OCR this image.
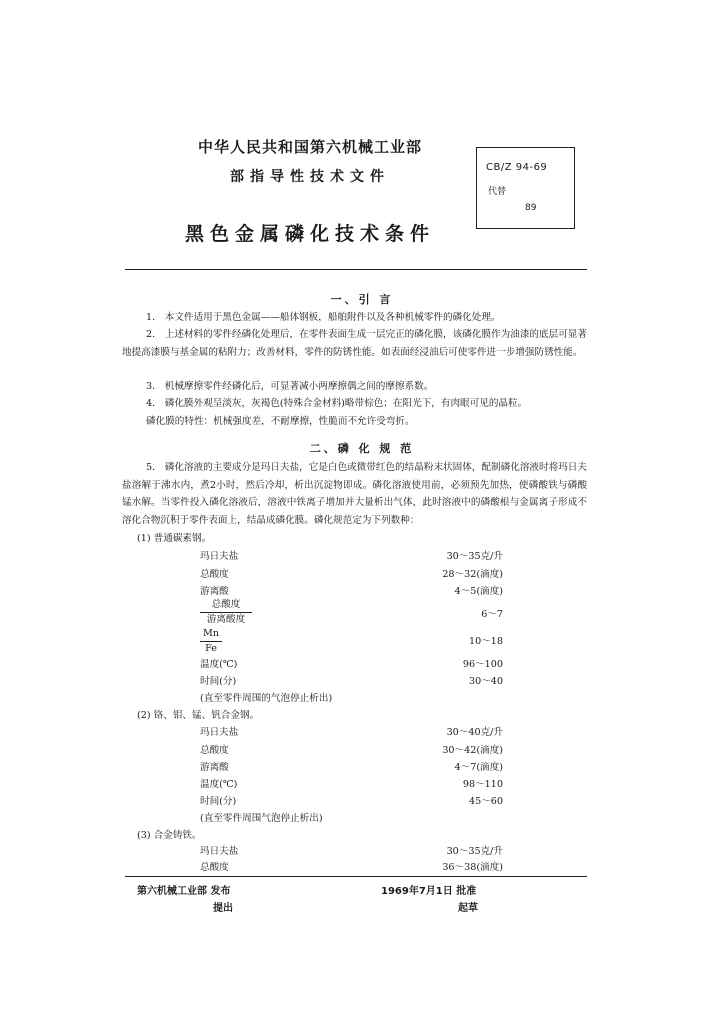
中华人民共和国第六机械工业部
部指导性技术文件
黑色金属磷化技术条件
CB/Z 94-69
代替
89
一、引 言
1． 本文件适用于黑色金属——船体钢板，船舶附件以及各种机械零件的磷化处理。
2． 上述材料的零件经磷化处理后，在零件表面生成一层完正的磷化膜，该磷化膜作为油漆的底层可显著地提高漆膜与基金属的粘附力；改善材料，零件的防锈性能。如表面经浸油后可使零件进一步增强防锈性能。
3． 机械摩擦零件经磷化后，可显著减小两摩擦偶之间的摩擦系数。
4． 磷化膜外观呈淡灰，灰褐色(特殊合金材料)略带棕色；在阳光下，有肉眼可见的晶粒。
磷化膜的特性：机械强度差，不耐摩擦，性脆而不允许受弯折。
二、磷 化 规 范
5． 磷化溶液的主要成分是玛日夫盐，它是白色或微带红色的结晶粉末状固体，配制磷化溶液时将玛日夫盐溶解于沸水内，煮2小时，然后冷却，析出沉淀物即成。磷化溶液使用前，必须预先加热，使磷酸铁与磷酸锰水解。当零件投入磷化溶液后，溶液中铁离子增加并大量析出气体，此时溶液中的磷酸根与金属离子形成不溶化合物沉积于零件表面上，结晶成磷化膜。磷化规范定为下列数种：
(1) 普通碳素钢。
玛日夫盐	30～35克/升
总酸度	28～32(滴度)
游离酸	4～5(滴度)
总酸度
游离酸度	6～7
$\frac{Mn}{Fe}$	10～18
温度(℃)	96～100
时间(分)	30～40
(直至零件周围的气泡停止析出)
(2) 铬、钼、锰、钒合金钢。
玛日夫盐	30～40克/升
总酸度	30～42(滴度)
游离酸	4～7(滴度)
温度(℃)	98～110
时间(分)	45～60
(直至零件周围气泡停止析出)
(3) 合金铸铁。
玛日夫盐	30～35克/升
总酸度	36～38(滴度)
第六机械工业部 发布	1969年7月1日 批准
提出	起草
